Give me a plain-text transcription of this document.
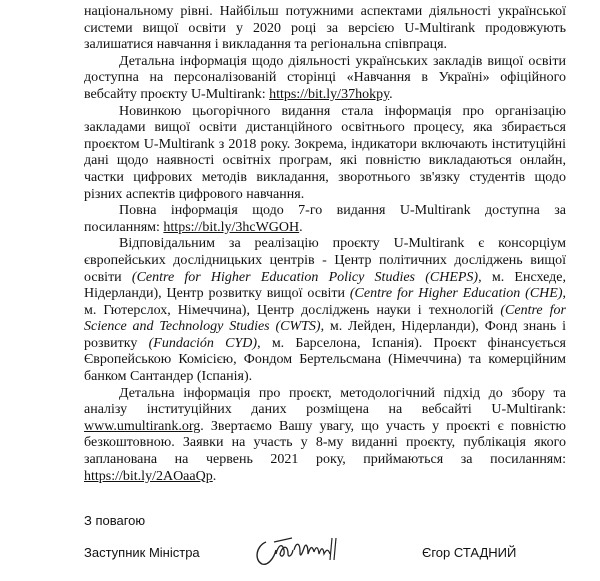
національному рівні. Найбільш потужними аспектами діяльності української системи вищої освіти у 2020 році за версією U-Multirank продовжують залишатися навчання і викладання та регіональна співпраця.

Детальна інформація щодо діяльності українських закладів вищої освіти доступна на персоналізованій сторінці «Навчання в Україні» офіційного вебсайту проєкту U-Multirank: https://bit.ly/37hokpy.

Новинкою цьогорічного видання стала інформація про організацію закладами вищої освіти дистанційного освітнього процесу, яка збирається проєктом U-Multirank з 2018 року. Зокрема, індикатори включають інституційні дані щодо наявності освітніх програм, які повністю викладаються онлайн, частки цифрових методів викладання, зворотнього зв'язку студентів щодо різних аспектів цифрового навчання.

Повна інформація щодо 7-го видання U-Multirank доступна за посиланням: https://bit.ly/3hcWGOH.

Відповідальним за реалізацію проєкту U-Multirank є консорціум європейських дослідницьких центрів - Центр політичних досліджень вищої освіти (Centre for Higher Education Policy Studies (CHEPS), м. Енсхеде, Нідерланди), Центр розвитку вищої освіти (Centre for Higher Education (CHE), м. Гютерслох, Німеччина), Центр досліджень науки і технологій (Centre for Science and Technology Studies (CWTS), м. Лейден, Нідерланди), Фонд знань і розвитку (Fundación CYD), м. Барселона, Іспанія). Проєкт фінансується Європейською Комісією, Фондом Бертельсмана (Німеччина) та комерційним банком Сантандер (Іспанія).

Детальна інформація про проєкт, методологічний підхід до збору та аналізу інституційних даних розміщена на вебсайті U-Multirank: www.umultirank.org. Звертаємо Вашу увагу, що участь у проєкті є повністю безкоштовною. Заявки на участь у 8-му виданні проєкту, публікація якого запланована на червень 2021 року, приймаються за посиланням: https://bit.ly/2AOaaQp.

З повагою
Заступник Міністра	Єгор СТАДНИЙ
